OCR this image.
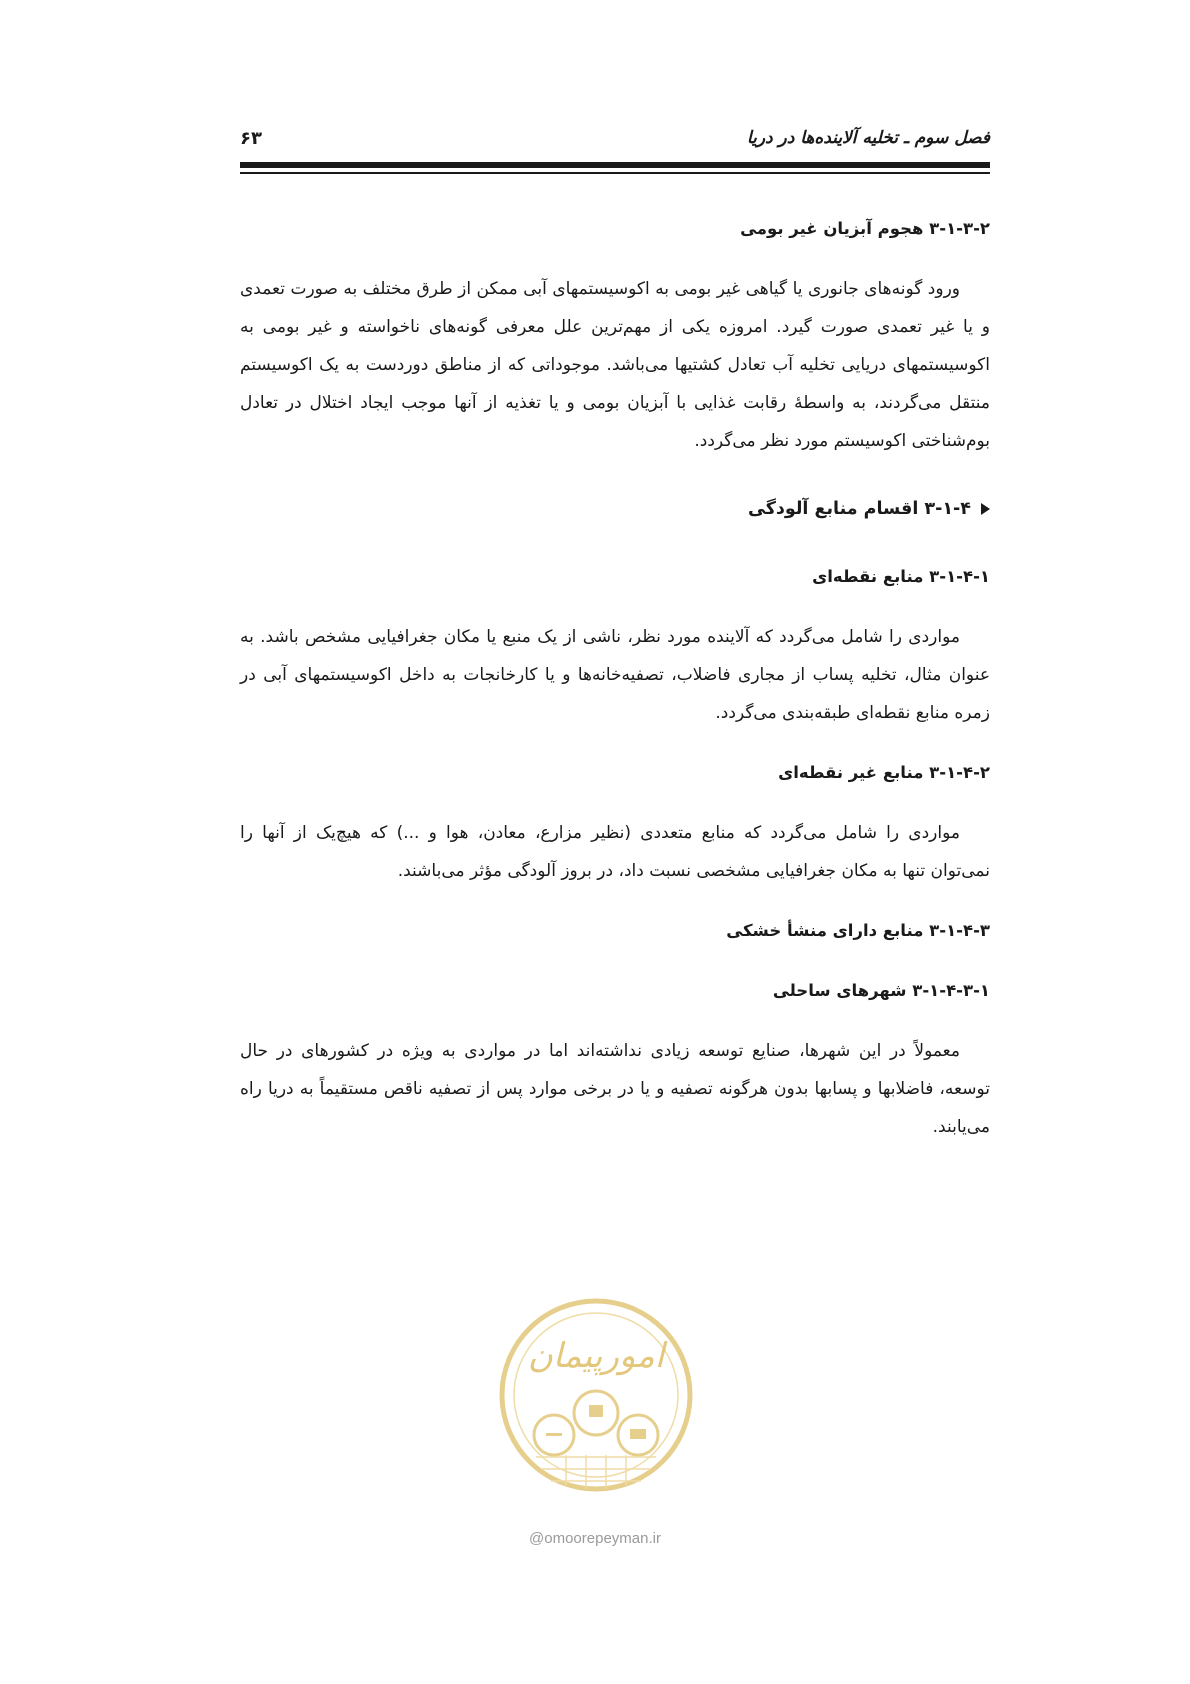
فصل سوم ـ تخلیه آلاینده‌ها در دریا
۶۳
۳-۱-۳-۲ هجوم آبزیان غیر بومی

ورود گونه‌های جانوری یا گیاهی غیر بومی به اکوسیستمهای آبی ممکن از طرق مختلف به صورت تعمدی و یا غیر تعمدی صورت گیرد. امروزه یکی از مهم‌ترین علل معرفی گونه‌های ناخواسته و غیر بومی به اکوسیستمهای دریایی تخلیه آب تعادل کشتیها می‌باشد. موجوداتی که از مناطق دوردست به یک اکوسیستم منتقل می‌گردند، به واسطهٔ رقابت غذایی با آبزیان بومی و یا تغذیه از آنها موجب ایجاد اختلال در تعادل بوم‌شناختی اکوسیستم مورد نظر می‌گردد.

۳-۱-۴ اقسام منابع آلودگی
۳-۱-۴-۱ منابع نقطه‌ای

مواردی را شامل می‌گردد که آلاینده مورد نظر، ناشی از یک منبع یا مکان جغرافیایی مشخص باشد. به عنوان مثال، تخلیه پساب از مجاری فاضلاب، تصفیه‌خانه‌ها و یا کارخانجات به داخل اکوسیستمهای آبی در زمره منابع نقطه‌ای طبقه‌بندی می‌گردد.

۳-۱-۴-۲ منابع غیر نقطه‌ای

مواردی را شامل می‌گردد که منابع متعددی (نظیر مزارع، معادن، هوا و ...) که هیچ‌یک از آنها را نمی‌توان تنها به مکان جغرافیایی مشخصی نسبت داد، در بروز آلودگی مؤثر می‌باشند.

۳-۱-۴-۳ منابع دارای منشأ خشکی
۳-۱-۴-۳-۱ شهرهای ساحلی

معمولاً در این شهرها، صنایع توسعه زیادی نداشته‌اند اما در مواردی به ویژه در کشورهای در حال توسعه، فاضلابها و پسابها بدون هرگونه تصفیه و یا در برخی موارد پس از تصفیه ناقص مستقیماً به دریا راه می‌یابند.

امورپیمان
@omoorepeyman.ir
